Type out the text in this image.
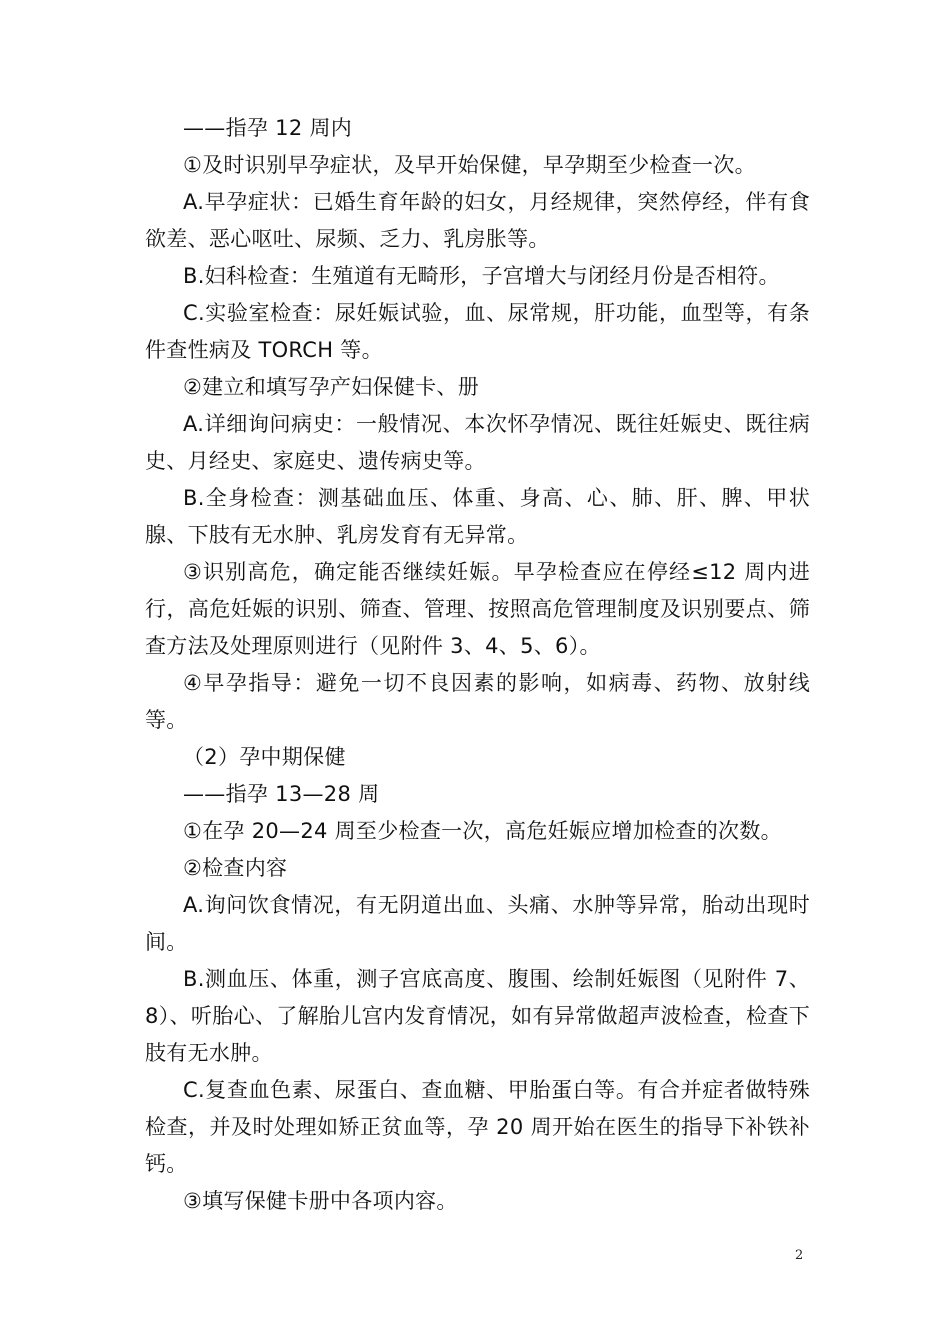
——指孕 12 周内

①及时识别早孕症状，及早开始保健，早孕期至少检查一次。

A.早孕症状：已婚生育年龄的妇女，月经规律，突然停经，伴有食欲差、恶心呕吐、尿频、乏力、乳房胀等。

B.妇科检查：生殖道有无畸形，子宫增大与闭经月份是否相符。

C.实验室检查：尿妊娠试验，血、尿常规，肝功能，血型等，有条件查性病及 TORCH 等。

②建立和填写孕产妇保健卡、册

A.详细询问病史：一般情况、本次怀孕情况、既往妊娠史、既往病史、月经史、家庭史、遗传病史等。

B.全身检查：测基础血压、体重、身高、心、肺、肝、脾、甲状腺、下肢有无水肿、乳房发育有无异常。

③识别高危，确定能否继续妊娠。早孕检查应在停经≤12 周内进行，高危妊娠的识别、筛查、管理、按照高危管理制度及识别要点、筛查方法及处理原则进行（见附件 3、4、5、6）。

④早孕指导：避免一切不良因素的影响，如病毒、药物、放射线等。

（2）孕中期保健

——指孕 13—28 周

①在孕 20—24 周至少检查一次，高危妊娠应增加检查的次数。

②检查内容

A.询问饮食情况，有无阴道出血、头痛、水肿等异常，胎动出现时间。

B.测血压、体重，测子宫底高度、腹围、绘制妊娠图（见附件 7、8）、听胎心、了解胎儿宫内发育情况，如有异常做超声波检查，检查下肢有无水肿。

C.复查血色素、尿蛋白、查血糖、甲胎蛋白等。有合并症者做特殊检查，并及时处理如矫正贫血等，孕 20 周开始在医生的指导下补铁补钙。

③填写保健卡册中各项内容。

2
